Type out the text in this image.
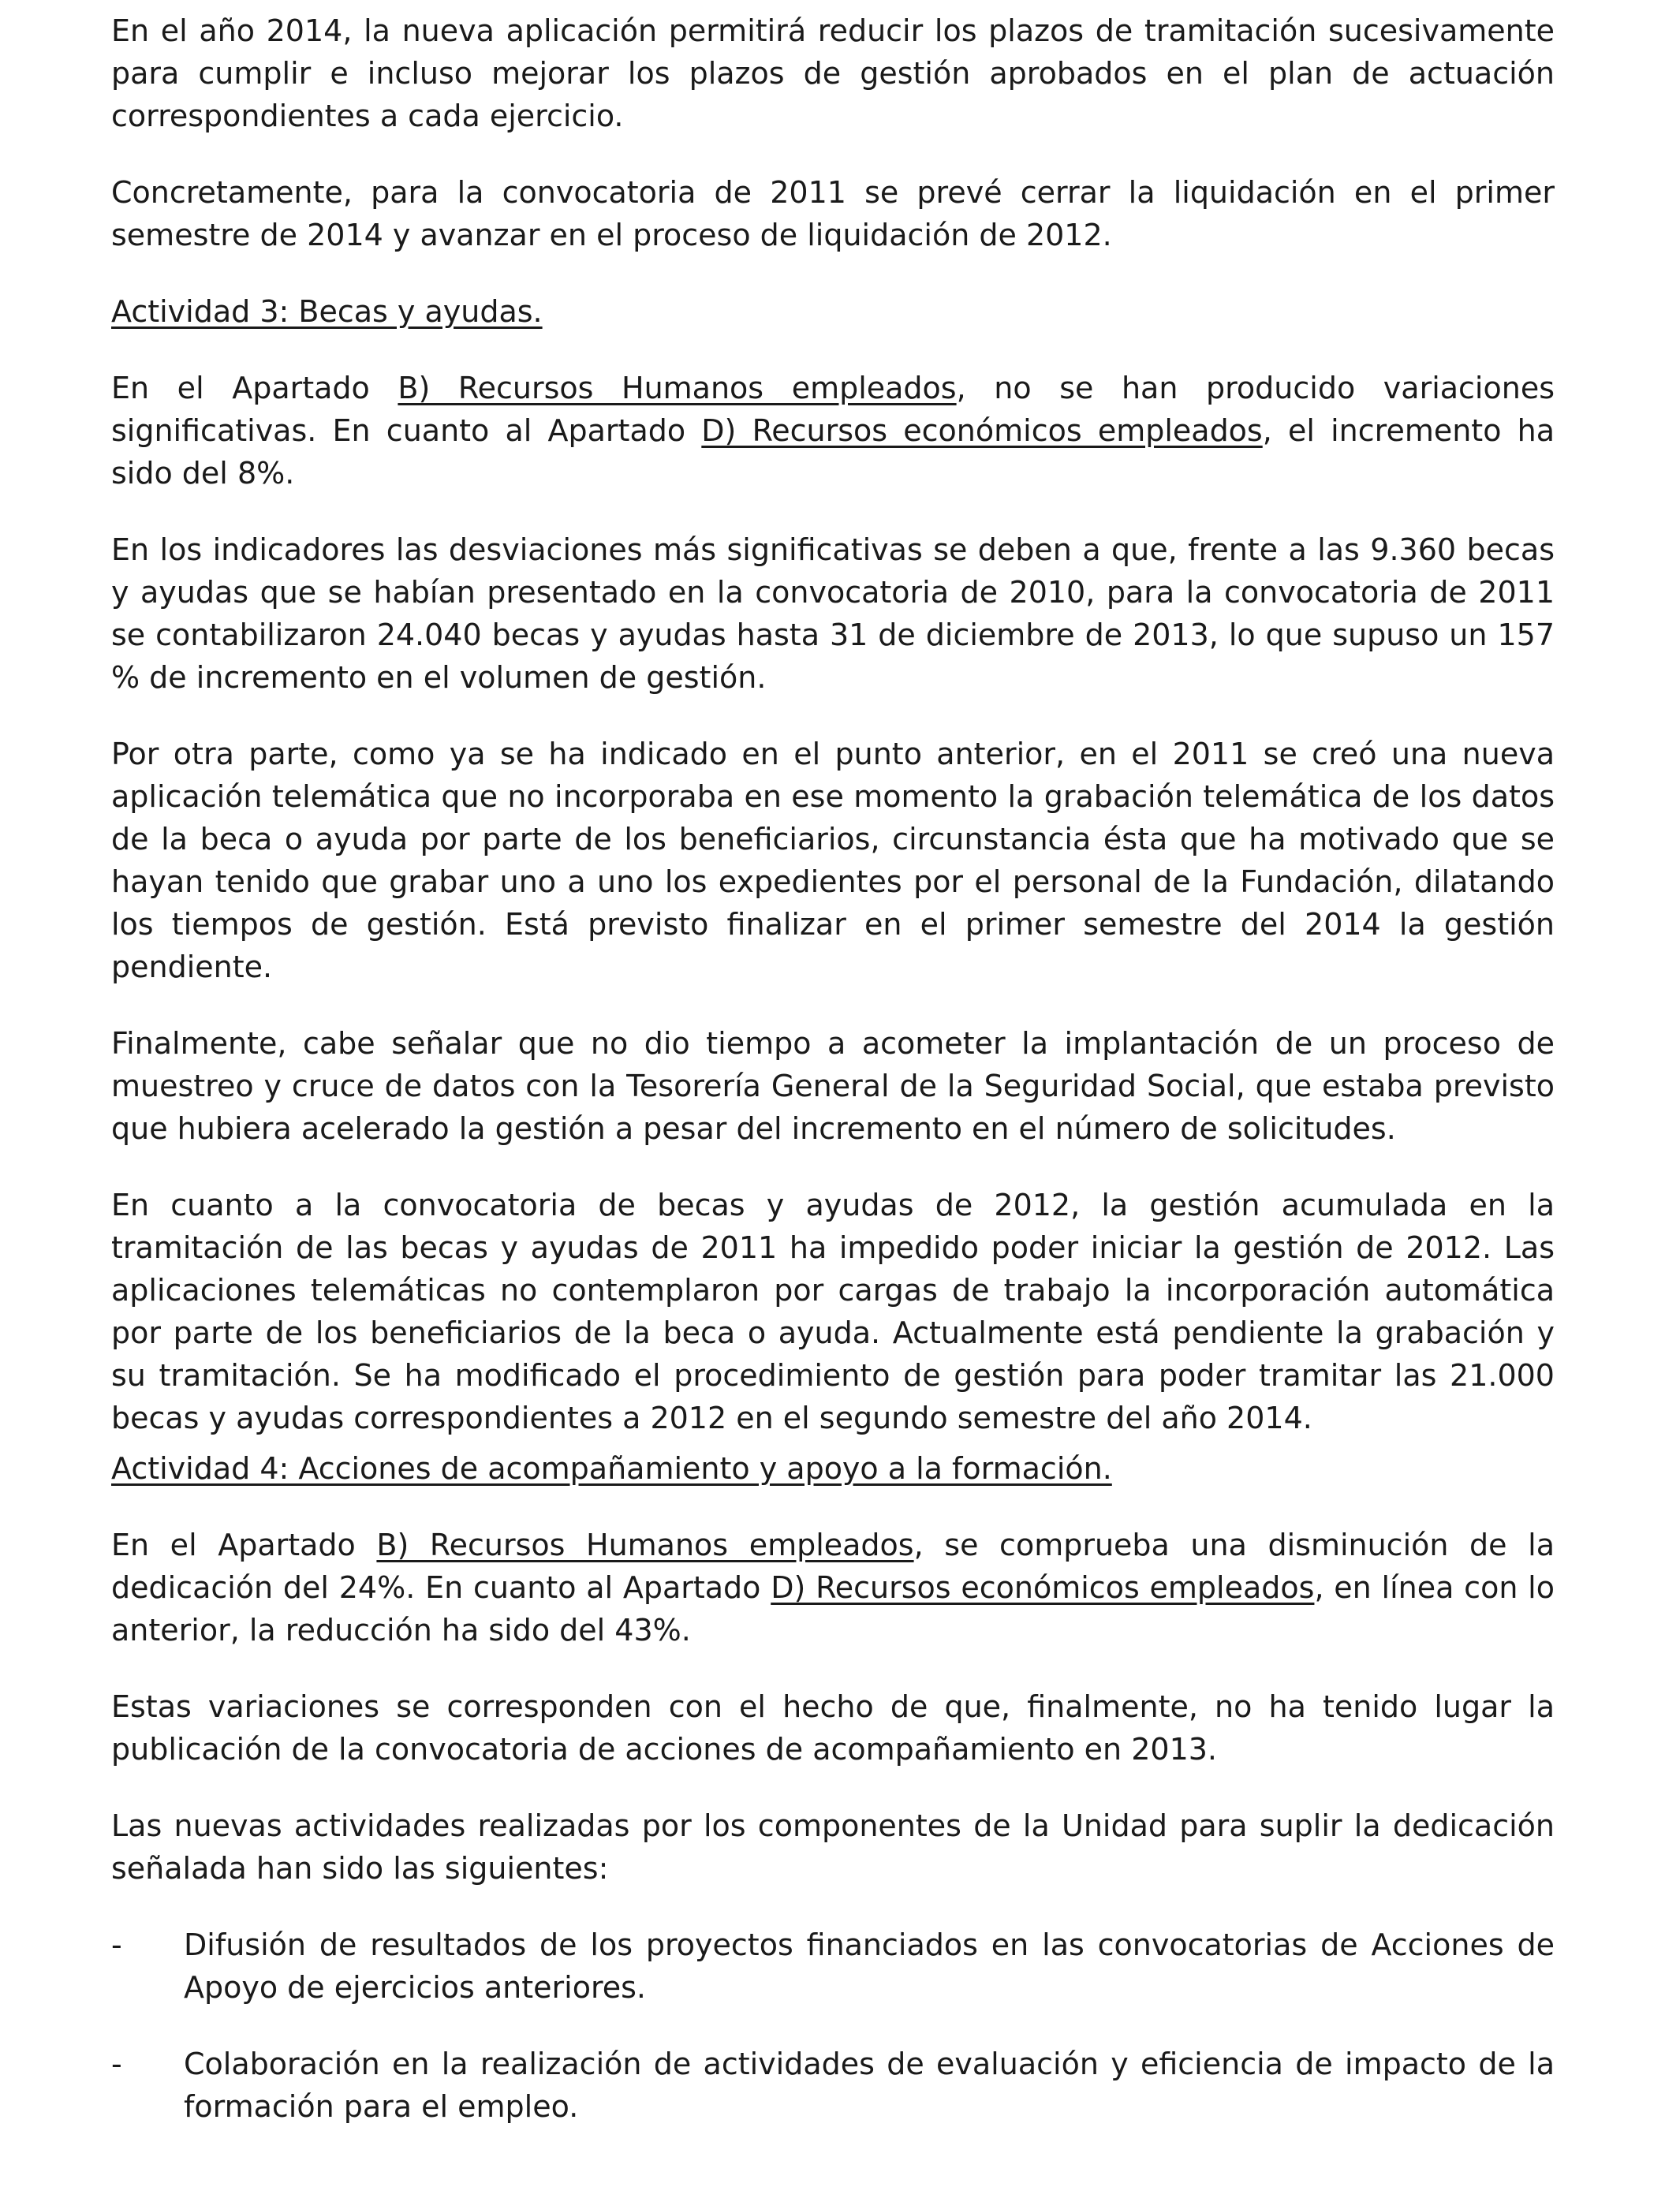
En el año 2014, la nueva aplicación permitirá reducir los plazos de tramitación sucesivamente para cumplir e incluso mejorar los plazos de gestión aprobados en el plan de actuación correspondientes a cada ejercicio.

Concretamente, para la convocatoria de 2011 se prevé cerrar la liquidación en el primer semestre de 2014 y avanzar en el proceso de liquidación de 2012.

Actividad 3: Becas y ayudas.

En el Apartado B) Recursos Humanos empleados, no se han producido variaciones significativas. En cuanto al Apartado D) Recursos económicos empleados, el incremento ha sido del 8%.

En los indicadores las desviaciones más significativas se deben a que, frente a las 9.360 becas y ayudas que se habían presentado en la convocatoria de 2010, para la convocatoria de 2011 se contabilizaron 24.040 becas y ayudas hasta 31 de diciembre de 2013, lo que supuso un 157 % de incremento en el volumen de gestión.

Por otra parte, como ya se ha indicado en el punto anterior, en el 2011 se creó una nueva aplicación telemática que no incorporaba en ese momento la grabación telemática de los datos de la beca o ayuda por parte de los beneficiarios, circunstancia ésta que ha motivado que se hayan tenido que grabar uno a uno los expedientes por el personal de la Fundación, dilatando los tiempos de gestión. Está previsto finalizar en el primer semestre del 2014 la gestión pendiente.

Finalmente, cabe señalar que no dio tiempo a acometer la implantación de un proceso de muestreo y cruce de datos con la Tesorería General de la Seguridad Social, que estaba previsto que hubiera acelerado la gestión a pesar del incremento en el número de solicitudes.

En cuanto a la convocatoria de becas y ayudas de 2012, la gestión acumulada en la tramitación de las becas y ayudas de 2011 ha impedido poder iniciar la gestión de 2012. Las aplicaciones telemáticas no contemplaron por cargas de trabajo la incorporación automática por parte de los beneficiarios de la beca o ayuda. Actualmente está pendiente la grabación y su tramitación. Se ha modificado el procedimiento de gestión para poder tramitar las 21.000 becas y ayudas correspondientes a 2012 en el segundo semestre del año 2014.

Actividad 4: Acciones de acompañamiento y apoyo a la formación.

En el Apartado B) Recursos Humanos empleados, se comprueba una disminución de la dedicación del 24%. En cuanto al Apartado D) Recursos económicos empleados, en línea con lo anterior, la reducción ha sido del 43%.

Estas variaciones se corresponden con el hecho de que, finalmente, no ha tenido lugar la publicación de la convocatoria de acciones de acompañamiento en 2013.

Las nuevas actividades realizadas por los componentes de la Unidad para suplir la dedicación señalada han sido las siguientes:

- Difusión de resultados de los proyectos financiados en las convocatorias de Acciones de Apoyo de ejercicios anteriores.
- Colaboración en la realización de actividades de evaluación y eficiencia de impacto de la formación para el empleo.
